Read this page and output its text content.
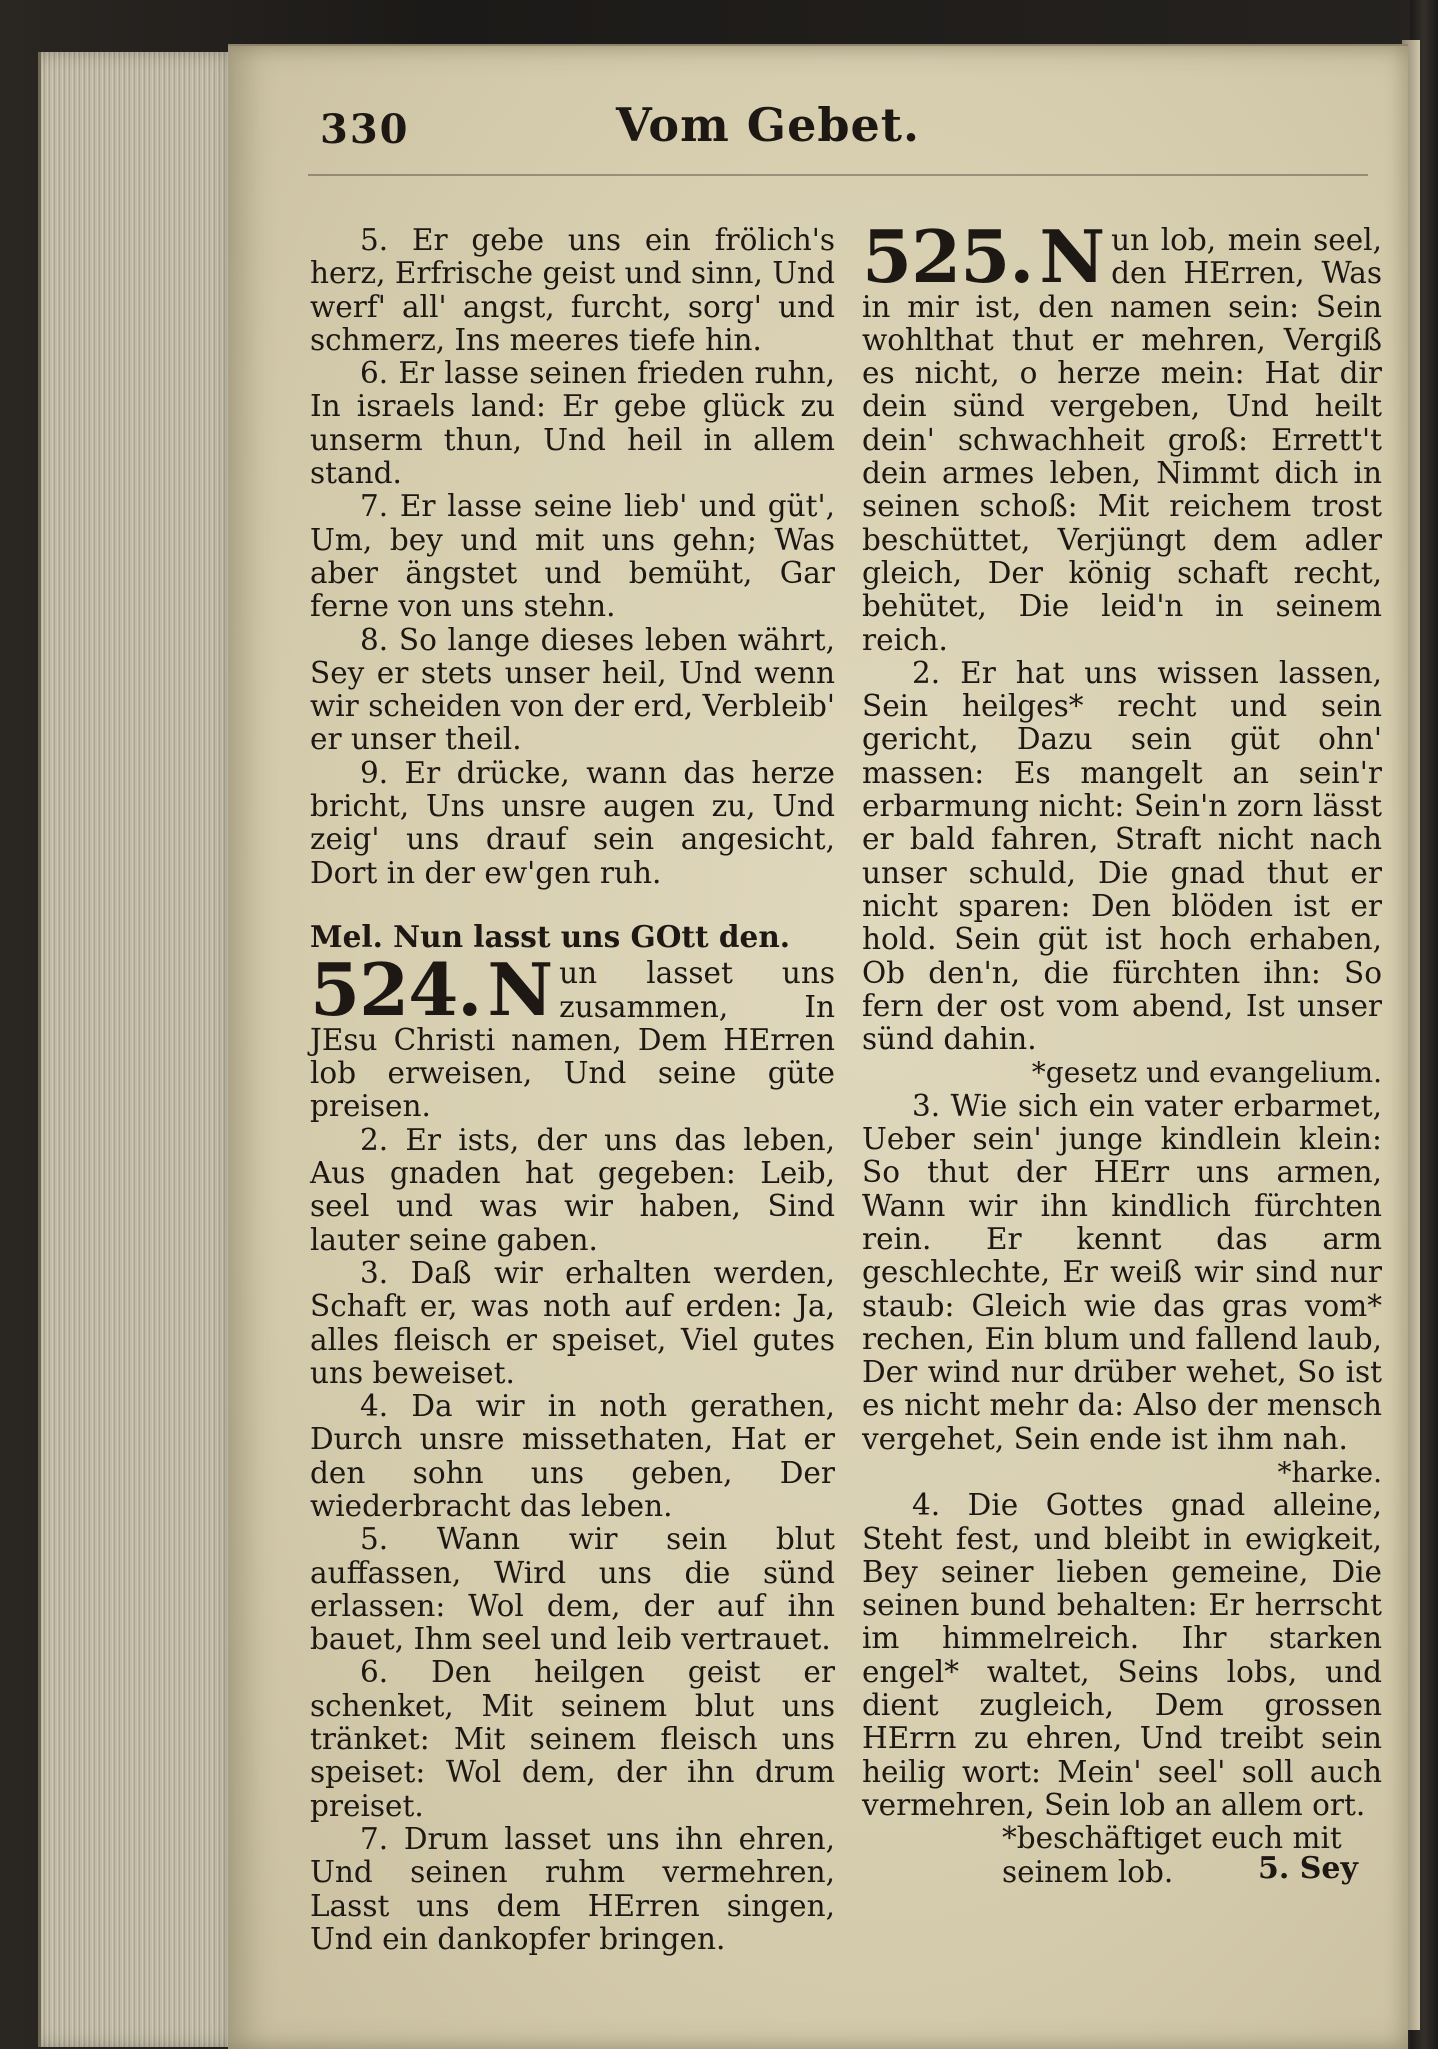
330	Vom Gebet.

5. Er gebe uns ein frölich's herz, Erfrische geist und sinn, Und werf' all' angst, furcht, sorg' und schmerz, Ins meeres tiefe hin.

6. Er lasse seinen frieden ruhn, In israels land: Er gebe glück zu unserm thun, Und heil in allem stand.

7. Er lasse seine lieb' und güt', Um, bey und mit uns gehn; Was aber ängstet und bemüht, Gar ferne von uns stehn.

8. So lange dieses leben währt, Sey er stets unser heil, Und wenn wir scheiden von der erd, Verbleib' er unser theil.

9. Er drücke, wann das herze bricht, Uns unsre augen zu, Und zeig' uns drauf sein angesicht, Dort in der ew'gen ruh.

Mel. Nun lasst uns GOtt den.

524. N un lasset uns zusammen, In JEsu Christi namen, Dem HErren lob erweisen, Und seine güte preisen.

2. Er ists, der uns das leben, Aus gnaden hat gegeben: Leib, seel und was wir haben, Sind lauter seine gaben.

3. Daß wir erhalten werden, Schaft er, was noth auf erden: Ja, alles fleisch er speiset, Viel gutes uns beweiset.

4. Da wir in noth gerathen, Durch unsre missethaten, Hat er den sohn uns geben, Der wiederbracht das leben.

5. Wann wir sein blut auffassen, Wird uns die sünd erlassen: Wol dem, der auf ihn bauet, Ihm seel und leib vertrauet.

6. Den heilgen geist er schenket, Mit seinem blut uns tränket: Mit seinem fleisch uns speiset: Wol dem, der ihn drum preiset.

7. Drum lasset uns ihn ehren, Und seinen ruhm vermehren, Lasst uns dem HErren singen, Und ein dankopfer bringen.

525. N un lob, mein seel, den HErren, Was in mir ist, den namen sein: Sein wohlthat thut er mehren, Vergiß es nicht, o herze mein: Hat dir dein sünd vergeben, Und heilt dein' schwachheit groß: Errett't dein armes leben, Nimmt dich in seinen schoß: Mit reichem trost beschüttet, Verjüngt dem adler gleich, Der könig schaft recht, behütet, Die leid'n in seinem reich.

2. Er hat uns wissen lassen, Sein heilges* recht und sein gericht, Dazu sein güt ohn' massen: Es mangelt an sein'r erbarmung nicht: Sein'n zorn lässt er bald fahren, Straft nicht nach unser schuld, Die gnad thut er nicht sparen: Den blöden ist er hold. Sein güt ist hoch erhaben, Ob den'n, die fürchten ihn: So fern der ost vom abend, Ist unser sünd dahin.

*gesetz und evangelium.

3. Wie sich ein vater erbarmet, Ueber sein' junge kindlein klein: So thut der HErr uns armen, Wann wir ihn kindlich fürchten rein. Er kennt das arm geschlechte, Er weiß wir sind nur staub: Gleich wie das gras vom* rechen, Ein blum und fallend laub, Der wind nur drüber wehet, So ist es nicht mehr da: Also der mensch vergehet, Sein ende ist ihm nah.

*harke.

4. Die Gottes gnad alleine, Steht fest, und bleibt in ewigkeit, Bey seiner lieben gemeine, Die seinen bund behalten: Er herrscht im himmelreich. Ihr starken engel* waltet, Seins lobs, und dient zugleich, Dem grossen HErrn zu ehren, Und treibt sein heilig wort: Mein' seel' soll auch vermehren, Sein lob an allem ort.

*beschäftiget euch mit seinem lob.	5. Sey
